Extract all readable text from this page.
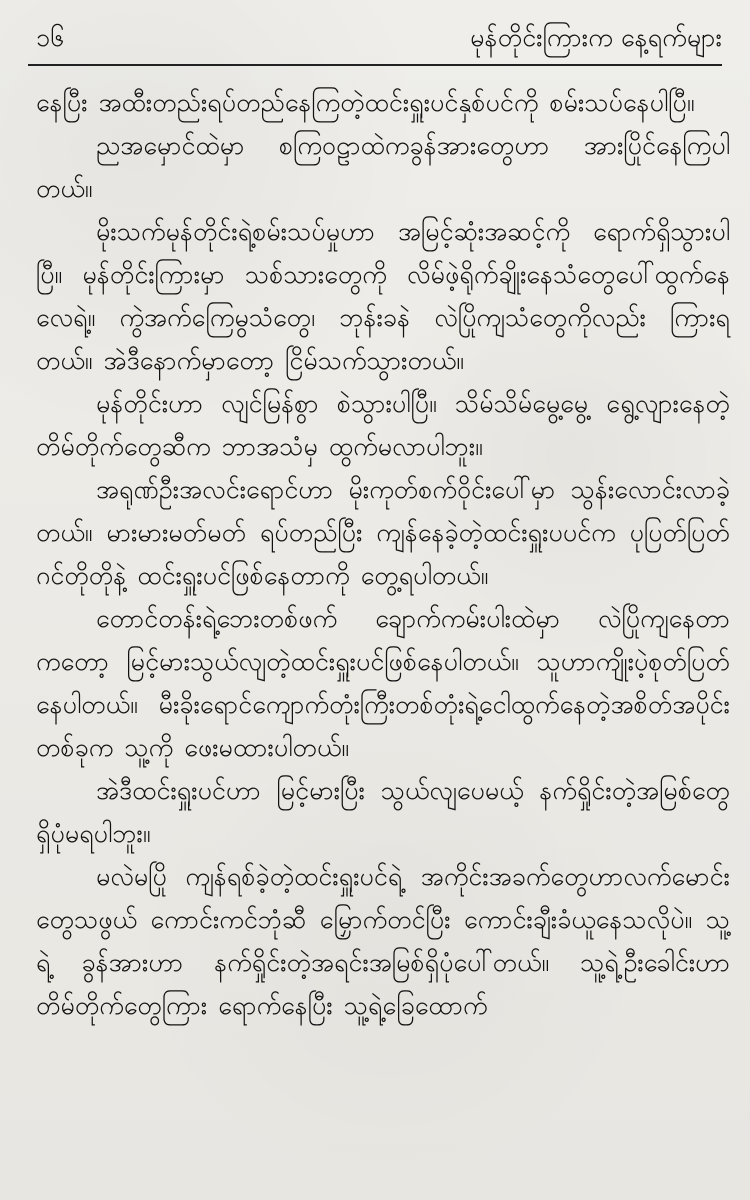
၁၆	မုန်တိုင်းကြားက နေ့ရက်များ

နေပြီး အထီးတည်းရပ်တည်နေကြတဲ့ထင်းရှူးပင်နှစ်ပင်ကို စမ်းသပ်နေပါပြီ။

ညအမှောင်ထဲမှာ စကြဝဠာထဲကခွန်အားတွေဟာ အားပြိုင်နေကြပါတယ်။

မိုးသက်မုန်တိုင်းရဲ့စမ်းသပ်မှုဟာ အမြင့်ဆုံးအဆင့်ကို ရောက်ရှိသွားပါပြီ။ မုန်တိုင်းကြားမှာ သစ်သားတွေကို လိမ်ဖဲ့ရိုက်ချိုးနေသံတွေပေါ်ထွက်နေလေရဲ့။ ကွဲအက်ကြေမွသံတွေ၊ ဘုန်းခနဲ လဲပြိုကျသံတွေကိုလည်း ကြားရတယ်။ အဲဒီနောက်မှာတော့ ငြိမ်သက်သွားတယ်။

မုန်တိုင်းဟာ လျင်မြန်စွာ စဲသွားပါပြီ။ သိမ်သိမ်မွေ့မွေ့ ရွေ့လျားနေတဲ့တိမ်တိုက်တွေဆီက ဘာအသံမှ ထွက်မလာပါဘူး။

အရုဏ်ဦးအလင်းရောင်ဟာ မိုးကုတ်စက်ဝိုင်းပေါ်မှာ သွန်းလောင်းလာခဲ့တယ်။ မားမားမတ်မတ် ရပ်တည်ပြီး ကျန်နေခဲ့တဲ့ထင်းရှူးပပင်က ပုပြတ်ပြတ်ဂင်တိုတိုနဲ့ ထင်းရှူးပင်ဖြစ်နေတာကို တွေ့ရပါတယ်။

တောင်တန်းရဲ့ဘေးတစ်ဖက် ချောက်ကမ်းပါးထဲမှာ လဲပြိုကျနေတာကတော့ မြင့်မားသွယ်လျတဲ့ထင်းရှူးပင်ဖြစ်နေပါတယ်။ သူဟာကျိုးပဲ့စုတ်ပြတ်နေပါတယ်။ မီးခိုးရောင်ကျောက်တုံးကြီးတစ်တုံးရဲ့ငေါထွက်နေတဲ့အစိတ်အပိုင်းတစ်ခုက သူ့ကို ဖေးမထားပါတယ်။

အဲဒီထင်းရှူးပင်ဟာ မြင့်မားပြီး သွယ်လျပေမယ့် နက်ရှိုင်းတဲ့အမြစ်တွေ ရှိပုံမရပါဘူး။

မလဲမပြို ကျန်ရစ်ခဲ့တဲ့ထင်းရှူးပင်ရဲ့ အကိုင်းအခက်တွေဟာလက်မောင်းတွေသဖွယ် ကောင်းကင်ဘုံဆီ မြှောက်တင်ပြီး ကောင်းချီးခံယူနေသလိုပဲ။ သူ့ရဲ့ ခွန်အားဟာ နက်ရှိုင်းတဲ့အရင်းအမြစ်ရှိပုံပေါ်တယ်။ သူ့ရဲ့ဦးခေါင်းဟာ တိမ်တိုက်တွေကြား ရောက်နေပြီး သူ့ရဲ့ခြေထောက်
